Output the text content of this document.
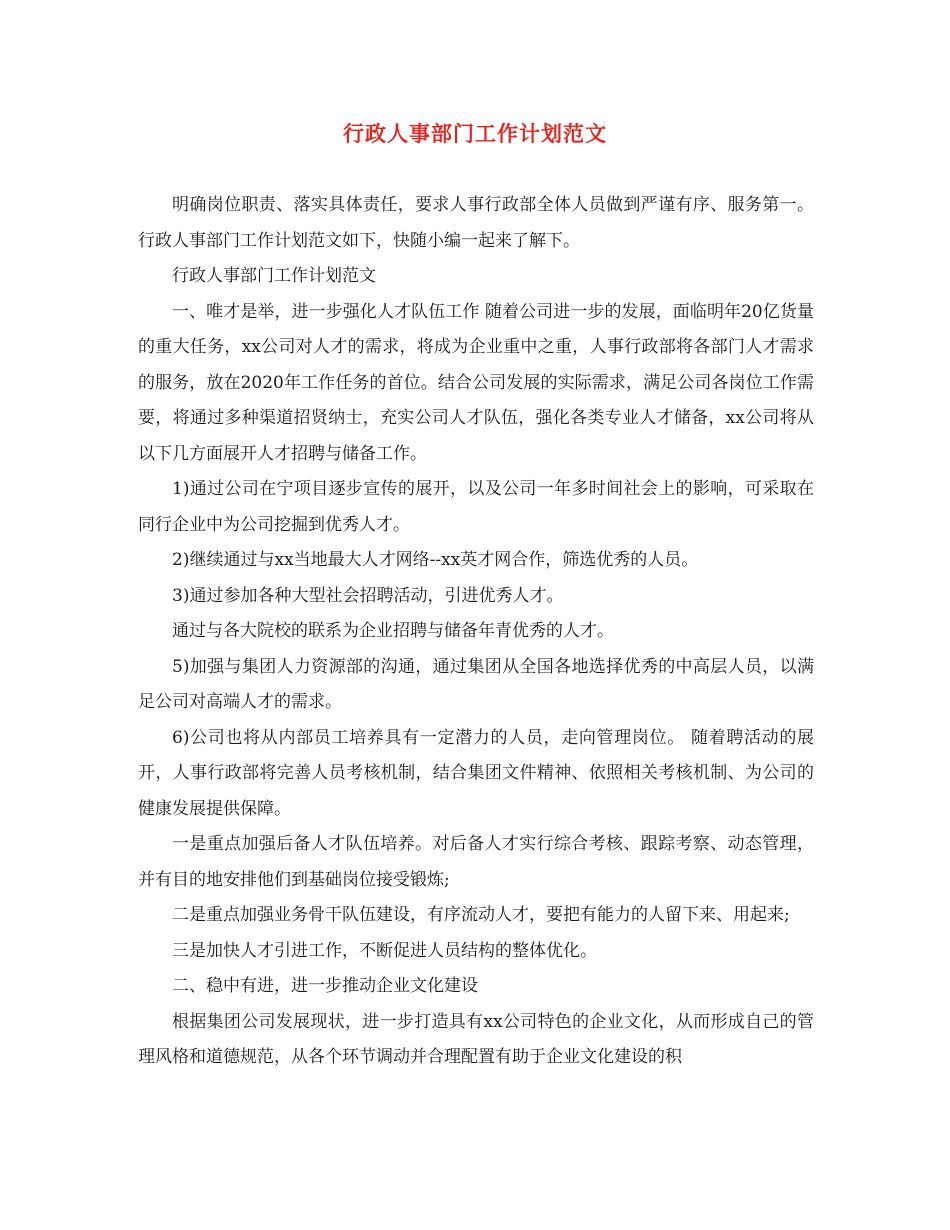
行政人事部门工作计划范文

明确岗位职责、落实具体责任，要求人事行政部全体人员做到严谨有序、服务第一。行政人事部门工作计划范文如下，快随小编一起来了解下。

行政人事部门工作计划范文

一、唯才是举，进一步强化人才队伍工作 随着公司进一步的发展，面临明年20亿货量的重大任务，xx公司对人才的需求，将成为企业重中之重，人事行政部将各部门人才需求的服务，放在2020年工作任务的首位。结合公司发展的实际需求，满足公司各岗位工作需要，将通过多种渠道招贤纳士，充实公司人才队伍，强化各类专业人才储备，xx公司将从以下几方面展开人才招聘与储备工作。

1)通过公司在宁项目逐步宣传的展开，以及公司一年多时间社会上的影响，可采取在同行企业中为公司挖掘到优秀人才。

2)继续通过与xx当地最大人才网络--xx英才网合作，筛选优秀的人员。

3)通过参加各种大型社会招聘活动，引进优秀人才。

通过与各大院校的联系为企业招聘与储备年青优秀的人才。

5)加强与集团人力资源部的沟通，通过集团从全国各地选择优秀的中高层人员，以满足公司对高端人才的需求。

6)公司也将从内部员工培养具有一定潜力的人员，走向管理岗位。 随着聘活动的展开，人事行政部将完善人员考核机制，结合集团文件精神、依照相关考核机制、为公司的健康发展提供保障。

一是重点加强后备人才队伍培养。对后备人才实行综合考核、跟踪考察、动态管理，并有目的地安排他们到基础岗位接受锻炼;

二是重点加强业务骨干队伍建设，有序流动人才，要把有能力的人留下来、用起来;

三是加快人才引进工作，不断促进人员结构的整体优化。

二、稳中有进，进一步推动企业文化建设

根据集团公司发展现状，进一步打造具有xx公司特色的企业文化，从而形成自己的管理风格和道德规范，从各个环节调动并合理配置有助于企业文化建设的积
